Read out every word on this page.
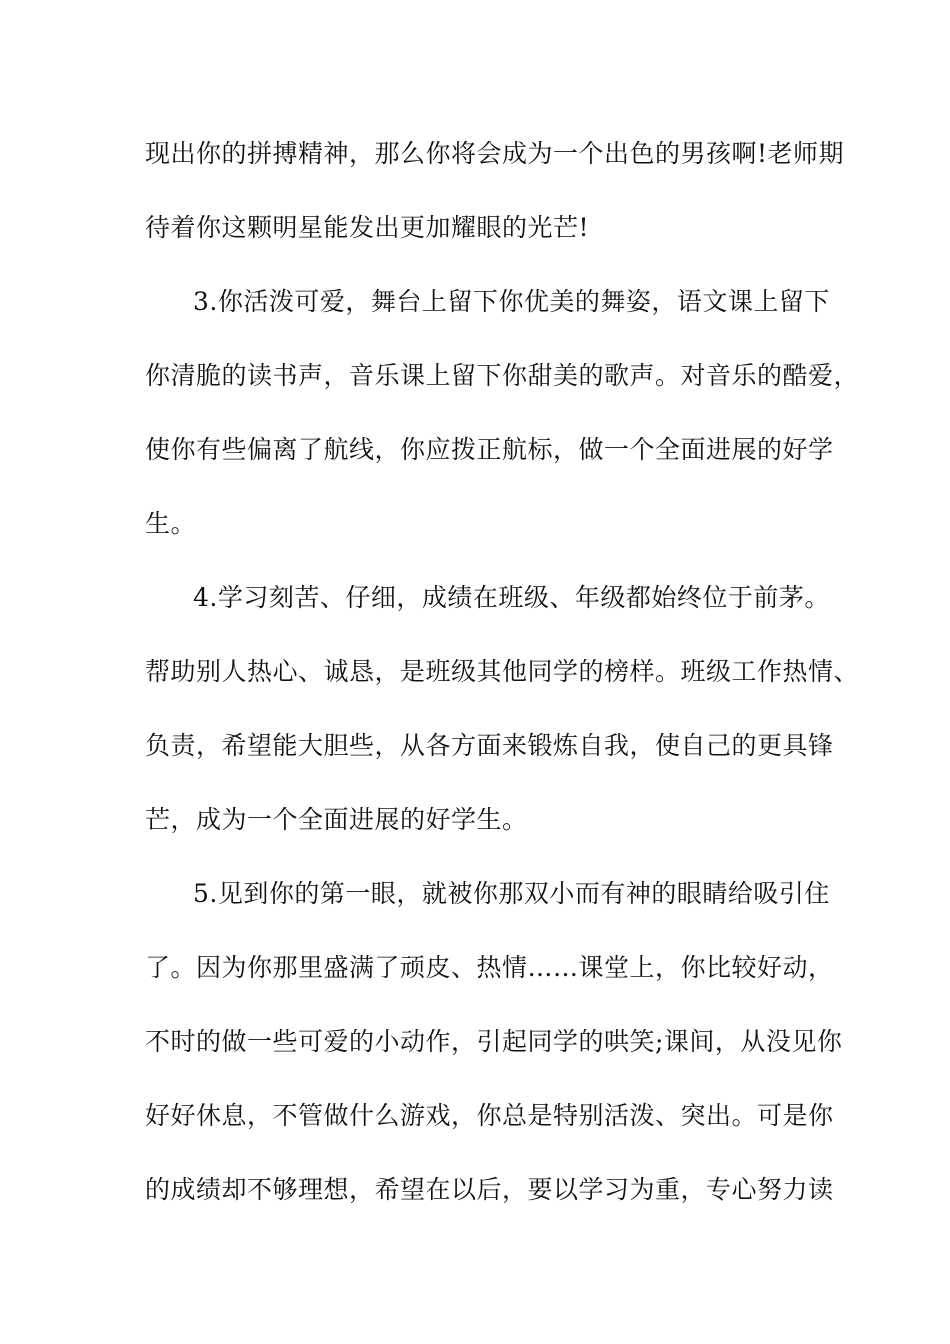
现出你的拼搏精神，那么你将会成为一个出色的男孩啊!老师期
待着你这颗明星能发出更加耀眼的光芒!
3.你活泼可爱，舞台上留下你优美的舞姿，语文课上留下
你清脆的读书声，音乐课上留下你甜美的歌声。对音乐的酷爱，
使你有些偏离了航线，你应拨正航标，做一个全面进展的好学
生。
4.学习刻苦、仔细，成绩在班级、年级都始终位于前茅。
帮助别人热心、诚恳，是班级其他同学的榜样。班级工作热情、
负责，希望能大胆些，从各方面来锻炼自我，使自己的更具锋
芒，成为一个全面进展的好学生。
5.见到你的第一眼，就被你那双小而有神的眼睛给吸引住
了。因为你那里盛满了顽皮、热情……课堂上，你比较好动，
不时的做一些可爱的小动作，引起同学的哄笑;课间，从没见你
好好休息，不管做什么游戏，你总是特别活泼、突出。可是你
的成绩却不够理想，希望在以后，要以学习为重，专心努力读
